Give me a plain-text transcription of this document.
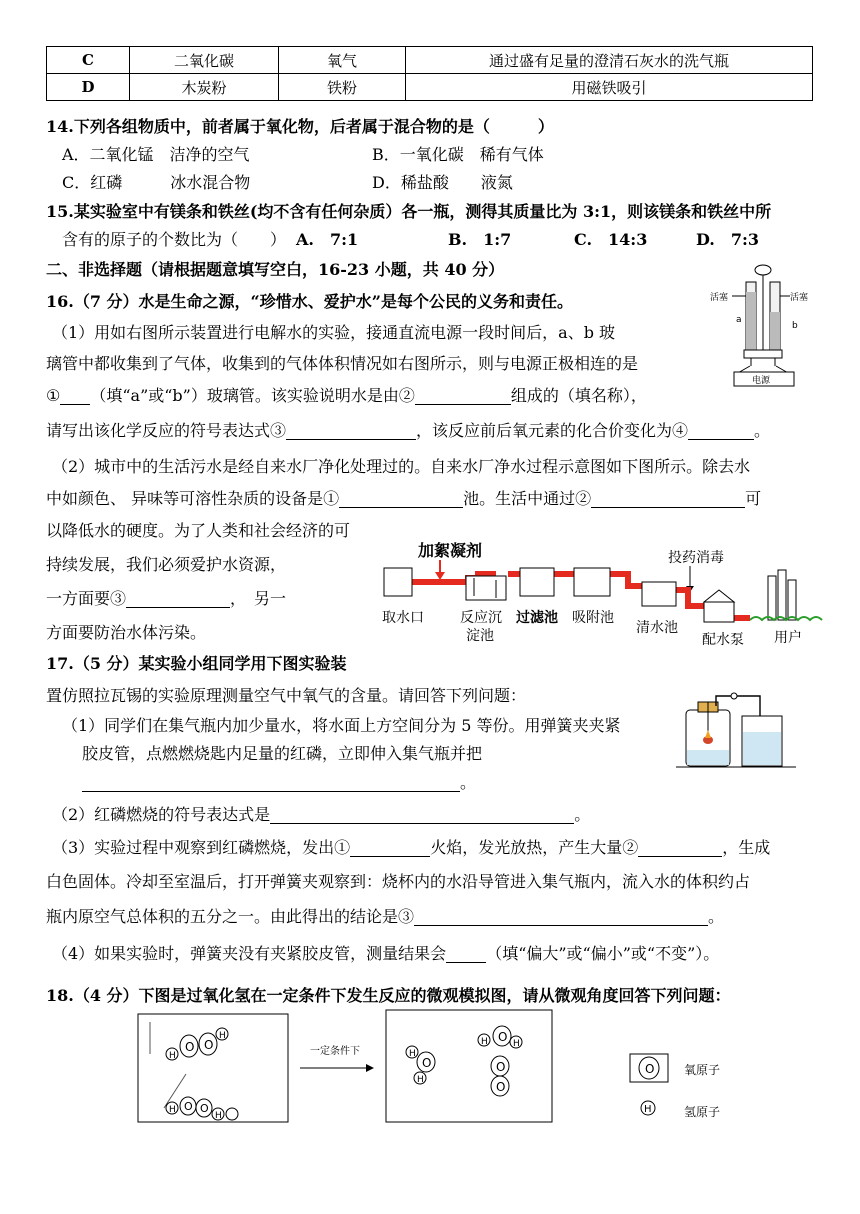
C	二氧化碳	氧气	通过盛有足量的澄清石灰水的洗气瓶
D	木炭粉	铁粉	用磁铁吸引
14.下列各组物质中，前者属于氧化物，后者属于混合物的是（　　　）
A．二氧化锰　洁净的空气	B．一氧化碳　稀有气体
C．红磷　　　冰水混合物	D．稀盐酸　　液氮
15.某实验室中有镁条和铁丝(均不含有任何杂质）各一瓶，测得其质量比为 3:1，则该镁条和铁丝中所
含有的原子的个数比为（　　） A.　7:1	B.　1:7	C.　14:3	D.　7:3
二、非选择题（请根据题意填写空白，16-23 小题，共 40 分）
16.（7 分）水是生命之源，“珍惜水、爱护水”是每个公民的义务和责任。
（1）用如右图所示装置进行电解水的实验，接通直流电源一段时间后，a、b 玻
璃管中都收集到了气体，收集到的气体体积情况如右图所示，则与电源正极相连的是
① （填“a”或“b”）玻璃管。该实验说明水是由②	组成的（填名称），
请写出该化学反应的符号表达式③	，该反应前后氧元素的化合价变化为④	。
（2）城市中的生活污水是经自来水厂净化处理过的。自来水厂净水过程示意图如下图所示。除去水
中如颜色、 异味等可溶性杂质的设备是①	池。生活中通过②	可
以降低水的硬度。为了人类和社会经济的可
持续发展，我们必须爱护水资源，
一方面要③	，　另一
方面要防治水体污染。
活塞	活塞
a
b
电源
加絮凝剂	投药消毒
取水口	反应沉
淀池
过滤池 吸附池
清水池
配水泵 用户
17.（5 分）某实验小组同学用下图实验装
置仿照拉瓦锡的实验原理测量空气中氧气的含量。请回答下列问题：
（1）同学们在集气瓶内加少量水，将水面上方空间分为 5 等份。用弹簧夹夹紧
胶皮管，点燃燃烧匙内足量的红磷，立即伸入集气瓶并把
。
（2）红磷燃烧的符号表达式是	。
（3）实验过程中观察到红磷燃烧，发出①	火焰，发光放热，产生大量②	，生成
白色固体。冷却至室温后，打开弹簧夹观察到：烧杯内的水沿导管进入集气瓶内，流入水的体积约占
瓶内原空气总体积的五分之一。由此得出的结论是③	。
（4）如果实验时，弹簧夹没有夹紧胶皮管，测量结果会	（填“偏大”或“偏小”或“不变”）。
18.（4 分）下图是过氧化氢在一定条件下发生反应的微观模拟图，请从微观角度回答下列问题：
H
O O
H
H O O
H
一定条件下	H
O
H
O
H	H
O
O
O 氧原子
H	氢原子
